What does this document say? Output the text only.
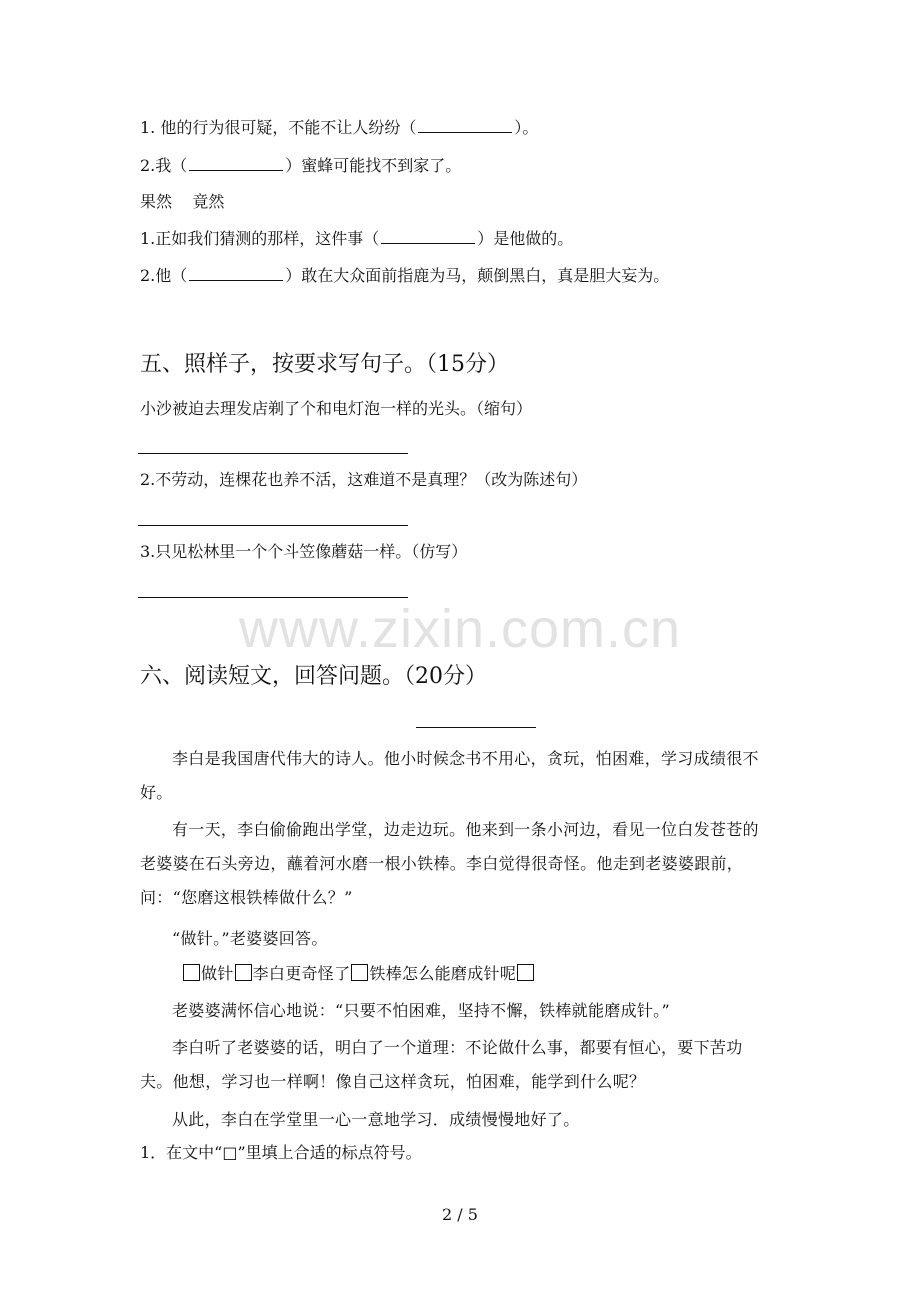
1. 他的行为很可疑，不能不让人纷纷（	）。
2.我（	）蜜蜂可能找不到家了。
果然    竟然
1.正如我们猜测的那样，这件事（	）是他做的。
2.他（	）敢在大众面前指鹿为马，颠倒黑白，真是胆大妄为。
五、照样子，按要求写句子。（15分）
小沙被迫去理发店剃了个和电灯泡一样的光头。（缩句）
2.不劳动，连棵花也养不活，这难道不是真理？（改为陈述句）
3.只见松林里一个个斗笠像蘑菇一样。（仿写）
www.zixin.com.cn
六、阅读短文，回答问题。（20分）
李白是我国唐代伟大的诗人。他小时候念书不用心，贪玩，怕困难，学习成绩很不好。
有一天，李白偷偷跑出学堂，边走边玩。他来到一条小河边，看见一位白发苍苍的老婆婆在石头旁边，蘸着河水磨一根小铁棒。李白觉得很奇怪。他走到老婆婆跟前，问：“您磨这根铁棒做什么？”
“做针。”老婆婆回答。
做针 李白更奇怪了 铁棒怎么能磨成针呢
老婆婆满怀信心地说：“只要不怕困难，坚持不懈，铁棒就能磨成针。”
李白听了老婆婆的话，明白了一个道理：不论做什么事，都要有恒心，要下苦功夫。他想，学习也一样啊！像自己这样贪玩，怕困难，能学到什么呢？
从此，李白在学堂里一心一意地学习．成绩慢慢地好了。
1．在文中“□”里填上合适的标点符号。
2 / 5
